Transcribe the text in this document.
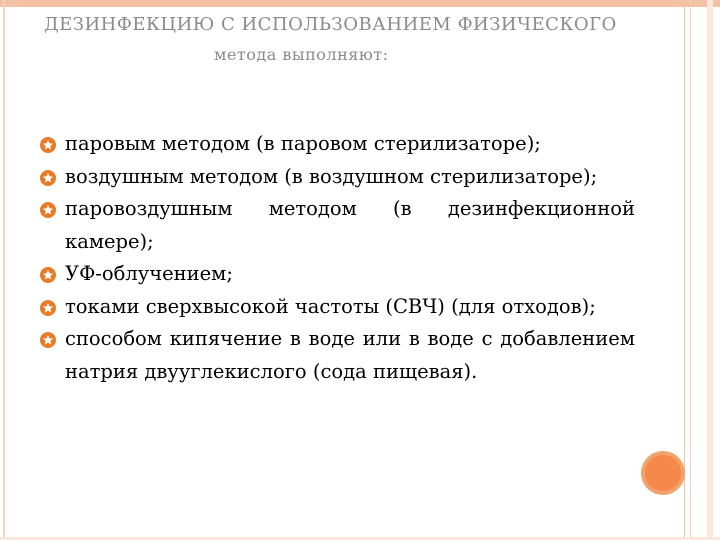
ДЕЗИНФЕКЦИЮ С ИСПОЛЬЗОВАНИЕМ ФИЗИЧЕСКОГО
метода выполняют:
паровым методом (в паровом стерилизаторе);
воздушным методом (в воздушном стерилизаторе);
паровоздушным методом (в дезинфекционной камере);
УФ-облучением;
токами сверхвысокой частоты (СВЧ) (для отходов);
способом кипячение в воде или в воде с добавлением натрия двууглекислого (сода пищевая).
